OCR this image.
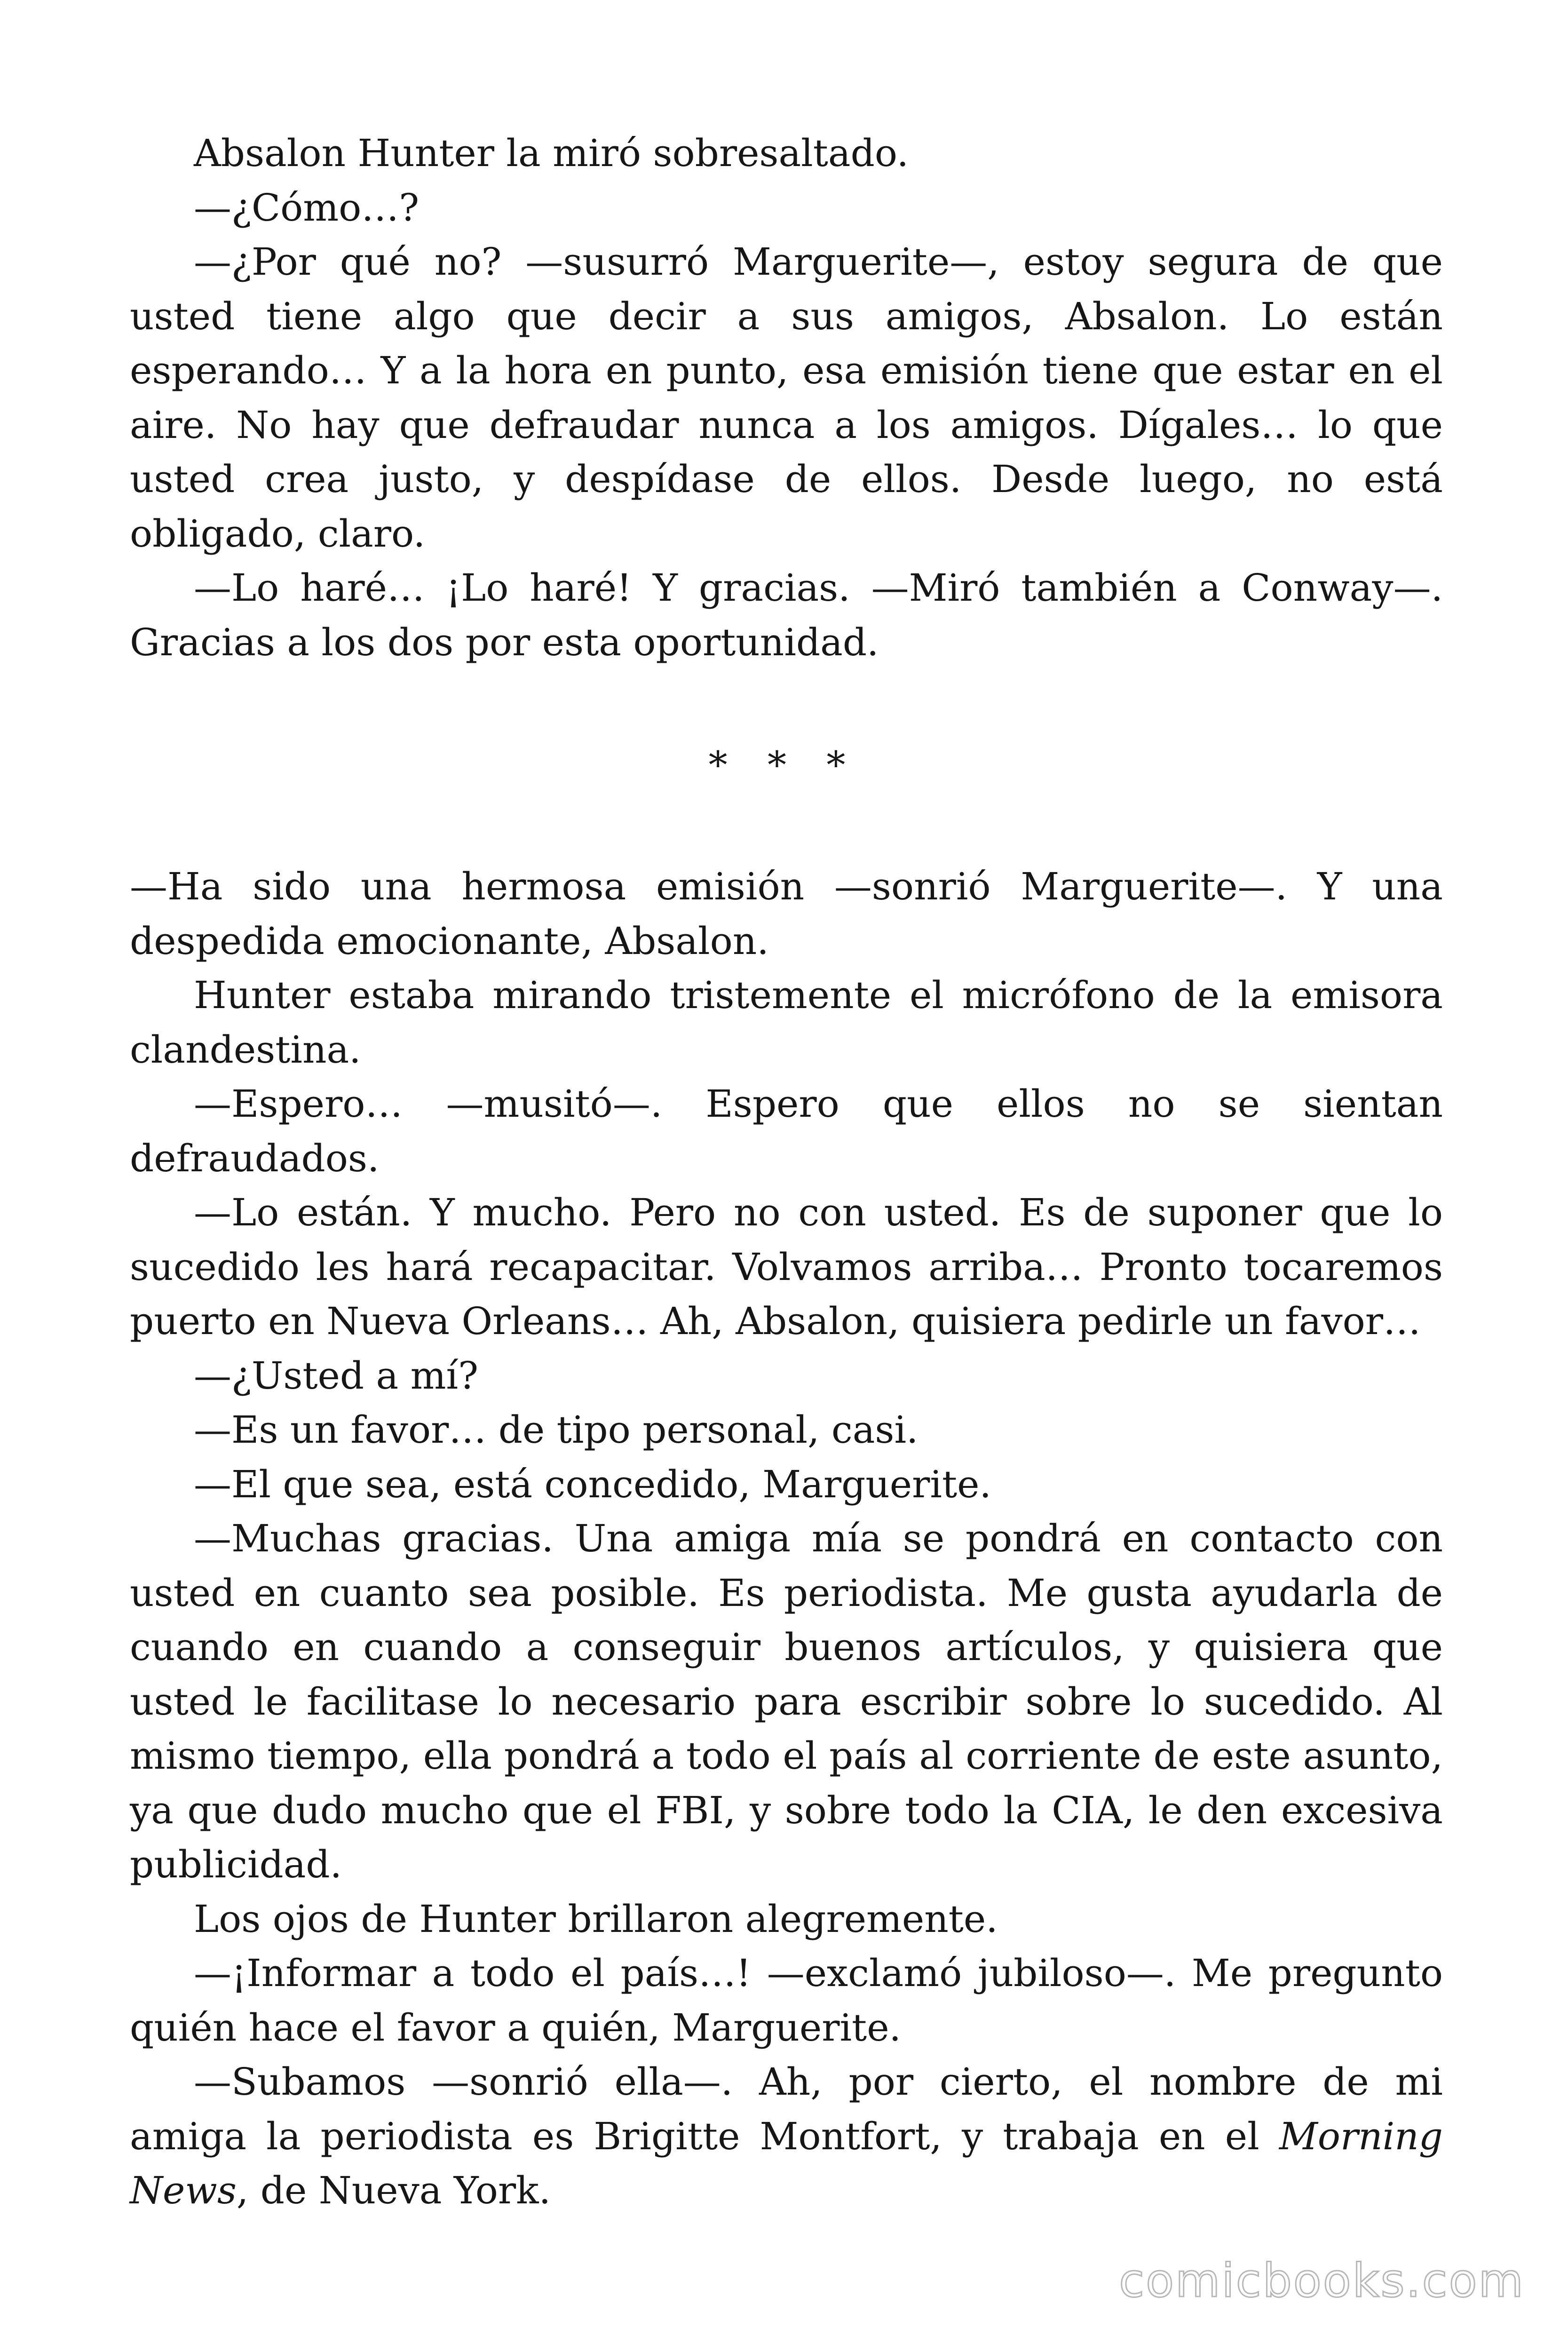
Absalon Hunter la miró sobresaltado.

—¿Cómo…?

—¿Por qué no? —susurró Marguerite—, estoy segura de que usted tiene algo que decir a sus amigos, Absalon. Lo están esperando… Y a la hora en punto, esa emisión tiene que estar en el aire. No hay que defraudar nunca a los amigos. Dígales… lo que usted crea justo, y despídase de ellos. Desde luego, no está obligado, claro.

—Lo haré… ¡Lo haré! Y gracias. —Miró también a Conway—. Gracias a los dos por esta oportunidad.

* * *

—Ha sido una hermosa emisión —sonrió Marguerite—. Y una despedida emocionante, Absalon.

Hunter estaba mirando tristemente el micrófono de la emisora clandestina.

—Espero… —musitó—. Espero que ellos no se sientan defraudados.

—Lo están. Y mucho. Pero no con usted. Es de suponer que lo sucedido les hará recapacitar. Volvamos arriba… Pronto tocaremos puerto en Nueva Orleans… Ah, Absalon, quisiera pedirle un favor…

—¿Usted a mí?

—Es un favor… de tipo personal, casi.

—El que sea, está concedido, Marguerite.

—Muchas gracias. Una amiga mía se pondrá en contacto con usted en cuanto sea posible. Es periodista. Me gusta ayudarla de cuando en cuando a conseguir buenos artículos, y quisiera que usted le facilitase lo necesario para escribir sobre lo sucedido. Al mismo tiempo, ella pondrá a todo el país al corriente de este asunto, ya que dudo mucho que el FBI, y sobre todo la CIA, le den excesiva publicidad.

Los ojos de Hunter brillaron alegremente.

—¡Informar a todo el país…! —exclamó jubiloso—. Me pregunto quién hace el favor a quién, Marguerite.

—Subamos —sonrió ella—. Ah, por cierto, el nombre de mi amiga la periodista es Brigitte Montfort, y trabaja en el Morning News, de Nueva York.

comicbooks.com
